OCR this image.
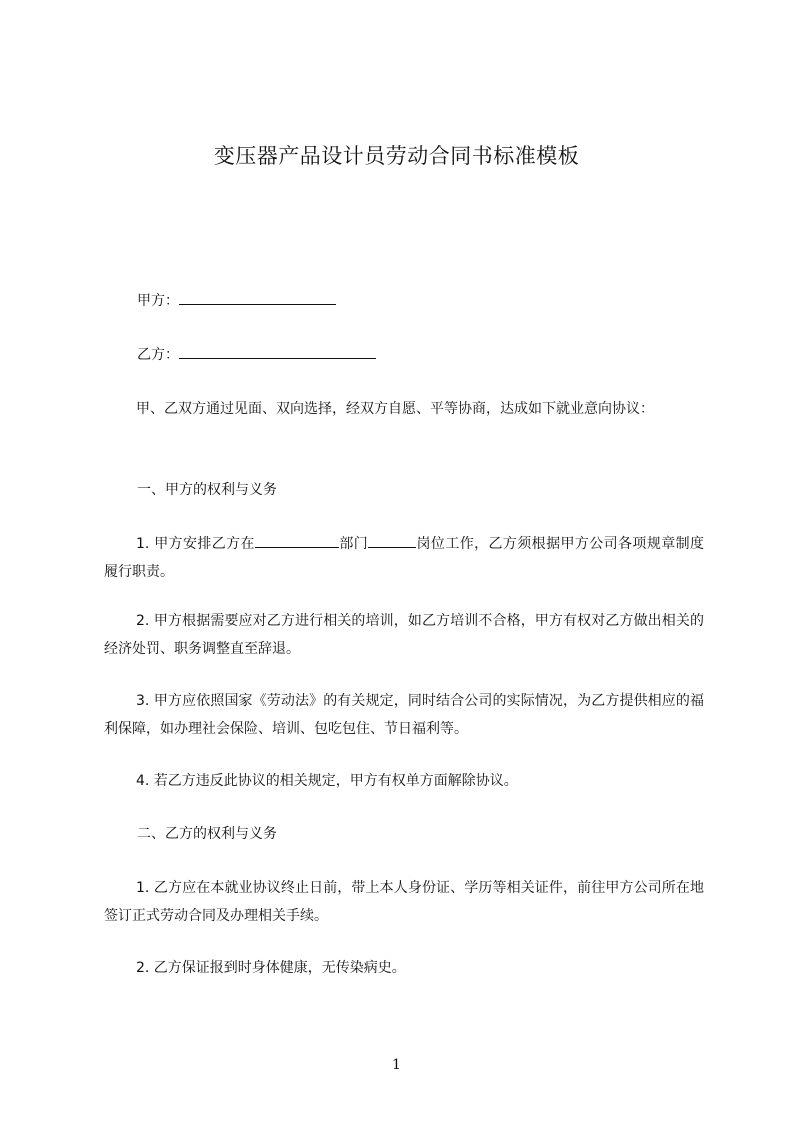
变压器产品设计员劳动合同书标准模板
甲方：
乙方：
甲、乙双方通过见面、双向选择，经双方自愿、平等协商，达成如下就业意向协议：
一、甲方的权利与义务
1. 甲方安排乙方在	部门	岗位工作，乙方须根据甲方公司各项规章制度履行职责。
2. 甲方根据需要应对乙方进行相关的培训，如乙方培训不合格，甲方有权对乙方做出相关的经济处罚、职务调整直至辞退。
3. 甲方应依照国家《劳动法》的有关规定，同时结合公司的实际情况，为乙方提供相应的福利保障，如办理社会保险、培训、包吃包住、节日福利等。
4. 若乙方违反此协议的相关规定，甲方有权单方面解除协议。
二、乙方的权利与义务
1. 乙方应在本就业协议终止日前，带上本人身份证、学历等相关证件，前往甲方公司所在地签订正式劳动合同及办理相关手续。
2. 乙方保证报到时身体健康，无传染病史。
1
